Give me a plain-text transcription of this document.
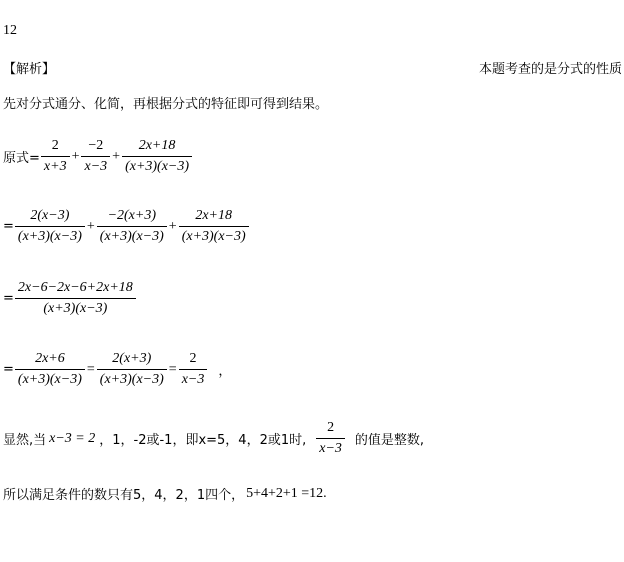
12
【解析】	本题考查的是分式的性质
先对分式通分、化简，再根据分式的特征即可得到结果。
原式= $\frac{2}{x+3} + \frac{-2}{x-3} + \frac{2x+18}{(x+3)(x-3)}$
= $\frac{2(x-3)}{(x+3)(x-3)} + \frac{-2(x+3)}{(x+3)(x-3)} + \frac{2x+18}{(x+3)(x-3)}$
= $\frac{2x-6-2x-6+2x+18}{(x+3)(x-3)}$
= $\frac{2x+6}{(x+3)(x-3)} = \frac{2(x+3)}{(x+3)(x-3)} = \frac{2}{x-3}$ ，
显然,当 x−3 = 2 ，1，-2或-1，即x=5，4，2或1时, $\frac{2}{x-3}$ 的值是整数,
所以满足条件的数只有5，4，2，1四个， 5+4+2+1 =12.
